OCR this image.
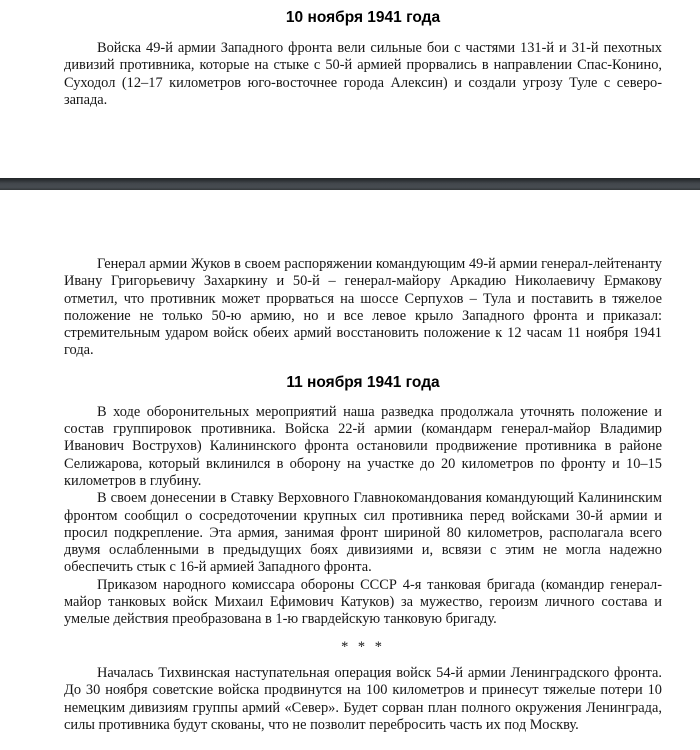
10 ноября 1941 года

Войска 49-й армии Западного фронта вели сильные бои с частями 131-й и 31-й пехотных дивизий противника, которые на стыке с 50-й армией прорвались в направлении Спас-Конино, Суходол (12–17 километров юго-восточнее города Алексин) и создали угрозу Туле с северо-запада.

Генерал армии Жуков в своем распоряжении командующим 49-й армии генерал-лейтенанту Ивану Григорьевичу Захаркину и 50-й – генерал-майору Аркадию Николаевичу Ермакову отметил, что противник может прорваться на шоссе Серпухов – Тула и поставить в тяжелое положение не только 50-ю армию, но и все левое крыло Западного фронта и приказал: стремительным ударом войск обеих армий восстановить положение к 12 часам 11 ноября 1941 года.

11 ноября 1941 года

В ходе оборонительных мероприятий наша разведка продолжала уточнять положение и состав группировок противника. Войска 22-й армии (командарм генерал-майор Владимир Иванович Вострухов) Калининского фронта остановили продвижение противника в районе Селижарова, который вклинился в оборону на участке до 20 километров по фронту и 10–15 километров в глубину.

В своем донесении в Ставку Верховного Главнокомандования командующий Калининским фронтом сообщил о сосредоточении крупных сил противника перед войсками 30-й армии и просил подкрепление. Эта армия, занимая фронт шириной 80 километров, располагала всего двумя ослабленными в предыдущих боях дивизиями и, всвязи с этим не могла надежно обеспечить стык с 16-й армией Западного фронта.

Приказом народного комиссара обороны СССР 4-я танковая бригада (командир генерал-майор танковых войск Михаил Ефимович Катуков) за мужество, героизм личного состава и умелые действия преобразована в 1-ю гвардейскую танковую бригаду.

* * *

Началась Тихвинская наступательная операция войск 54-й армии Ленинградского фронта. До 30 ноября советские войска продвинутся на 100 километров и принесут тяжелые потери 10 немецким дивизиям группы армий «Север». Будет сорван план полного окружения Ленинграда, силы противника будут скованы, что не позволит перебросить часть их под Москву.
